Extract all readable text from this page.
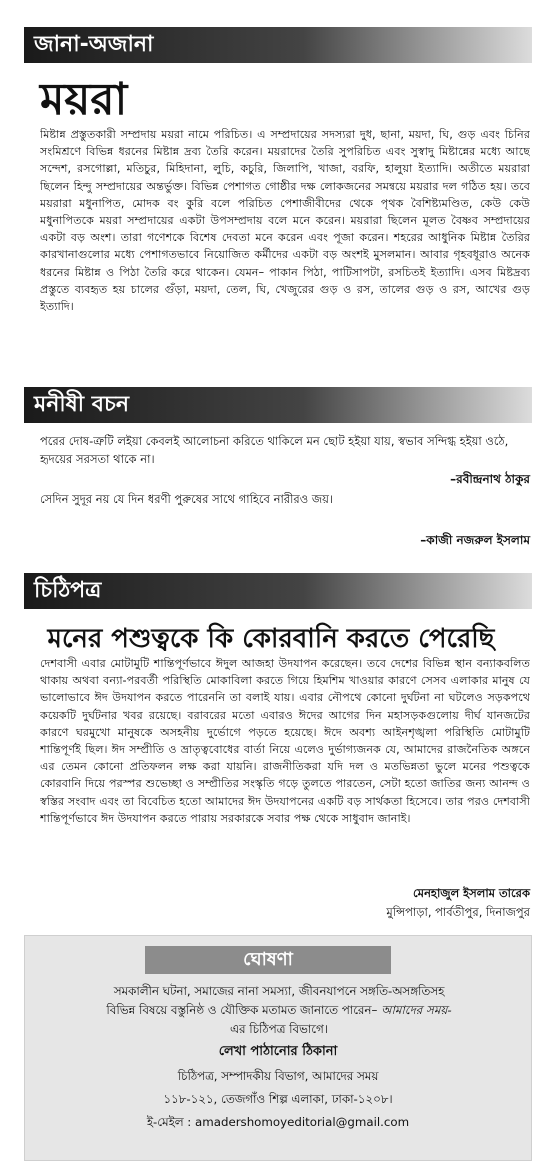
জানা-অজানা
ময়রা

মিষ্টান্ন প্রস্তুতকারী সম্প্রদায় ময়রা নামে পরিচিত। এ সম্প্রদায়ের সদস্যরা দুধ, ছানা, ময়দা, ঘি, গুড় এবং চিনির সংমিশ্রণে বিভিন্ন ধরনের মিষ্টান্ন দ্রব্য তৈরি করেন। ময়রাদের তৈরি সুপরিচিত এবং সুস্বাদু মিষ্টান্নের মধ্যে আছে সন্দেশ, রসগোল্লা, মতিচুর, মিহিদানা, লুচি, কচুরি, জিলাপি, খাজা, বরফি, হালুয়া ইত্যাদি। অতীতে ময়রারা ছিলেন হিন্দু সম্প্রদায়ের অন্তর্ভুক্ত। বিভিন্ন পেশাগত গোষ্ঠীর দক্ষ লোকজনের সমন্বয়ে ময়রার দল গঠিত হয়। তবে ময়রারা মধুনাপিত, মোদক বং কুরি বলে পরিচিত পেশাজীবীদের থেকে পৃথক বৈশিষ্ট্যমণ্ডিত, কেউ কেউ মধুনাপিতকে ময়রা সম্প্রদায়ের একটা উপসম্প্রদায় বলে মনে করেন। ময়রারা ছিলেন মূলত বৈষ্ণব সম্প্রদায়ের একটা বড় অংশ। তারা গণেশকে বিশেষ দেবতা মনে করেন এবং পূজা করেন। শহরের আধুনিক মিষ্টান্ন তৈরির কারখানাগুলোর মধ্যে পেশাগতভাবে নিয়োজিত কর্মীদের একটা বড় অংশই মুসলমান। আবার গৃহবধূরাও অনেক ধরনের মিষ্টান্ন ও পিঠা তৈরি করে থাকেন। যেমন– পাকান পিঠা, পাটিসাপটা, রসচিতই ইত্যাদি। এসব মিষ্টদ্রব্য প্রস্তুতে ব্যবহৃত হয় চালের গুঁড়া, ময়দা, তেল, ঘি, খেজুরের গুড় ও রস, তালের গুড় ও রস, আখের গুড় ইত্যাদি।

মনীষী বচন

পরের দোষ-ত্রুটি লইয়া কেবলই আলোচনা করিতে থাকিলে মন ছোট হইয়া যায়, স্বভাব সন্দিগ্ধ হইয়া ওঠে, হৃদয়ের সরসতা থাকে না।

–রবীন্দ্রনাথ ঠাকুর

সেদিন সুদূর নয় যে দিন ধরণী পুরুষের সাথে গাহিবে নারীরও জয়।

–কাজী নজরুল ইসলাম
চিঠিপত্র
মনের পশুত্বকে কি কোরবানি করতে পেরেছি

দেশবাসী এবার মোটামুটি শান্তিপূর্ণভাবে ঈদুল আজহা উদযাপন করেছেন। তবে দেশের বিভিন্ন স্থান বন্যাকবলিত থাকায় অথবা বন্যা-পরবর্তী পরিস্থিতি মোকাবিলা করতে গিয়ে হিমশিম খাওয়ার কারণে সেসব এলাকার মানুষ যে ভালোভাবে ঈদ উদযাপন করতে পারেননি তা বলাই যায়। এবার নৌপথে কোনো দুর্ঘটনা না ঘটলেও সড়কপথে কয়েকটি দুর্ঘটনার খবর রয়েছে। বরাবরের মতো এবারও ঈদের আগের দিন মহাসড়কগুলোয় দীর্ঘ যানজটের কারণে ঘরমুখো মানুষকে অসহনীয় দুর্ভোগে পড়তে হয়েছে। ঈদে অবশ্য আইনশৃঙ্খলা পরিস্থিতি মোটামুটি শান্তিপূর্ণই ছিল। ঈদ সম্প্রীতি ও ভ্রাতৃত্ববোধের বার্তা নিয়ে এলেও দুর্ভাগ্যজনক যে, আমাদের রাজনৈতিক অঙ্গনে এর তেমন কোনো প্রতিফলন লক্ষ করা যায়নি। রাজনীতিকরা যদি দল ও মতভিন্নতা ভুলে মনের পশুত্বকে কোরবানি দিয়ে পরস্পর শুভেচ্ছা ও সম্প্রীতির সংস্কৃতি গড়ে তুলতে পারতেন, সেটা হতো জাতির জন্য আনন্দ ও স্বস্তির সংবাদ এবং তা বিবেচিত হতো আমাদের ঈদ উদযাপনের একটি বড় সার্থকতা হিসেবে। তার পরও দেশবাসী শান্তিপূর্ণভাবে ঈদ উদযাপন করতে পারায় সরকারকে সবার পক্ষ থেকে সাধুবাদ জানাই।

মেনহাজুল ইসলাম তারেক
মুন্সিপাড়া, পার্বতীপুর, দিনাজপুর
ঘোষণা

সমকালীন ঘটনা, সমাজের নানা সমস্যা, জীবনযাপনে সঙ্গতি-অসঙ্গতিসহ
বিভিন্ন বিষয়ে বস্তুনিষ্ঠ ও যৌক্তিক মতামত জানাতে পারেন– আমাদের সময়-
এর চিঠিপত্র বিভাগে।

লেখা পাঠানোর ঠিকানা
চিঠিপত্র, সম্পাদকীয় বিভাগ, আমাদের সময়
১১৮-১২১, তেজগাঁও শিল্প এলাকা, ঢাকা-১২০৮।
ই-মেইল : amadershomoyeditorial@gmail.com
